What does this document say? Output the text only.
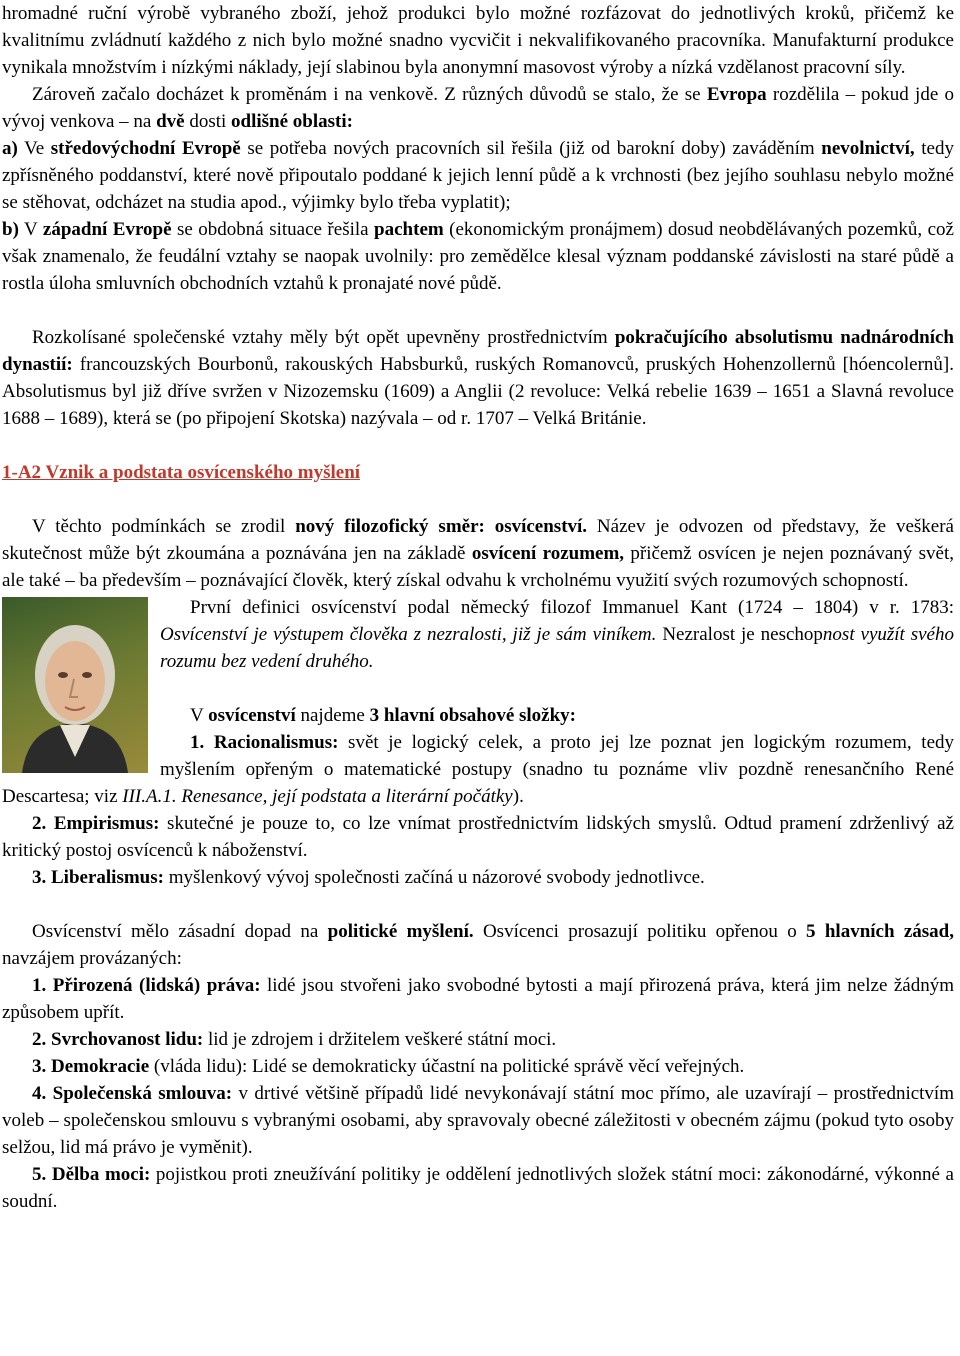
hromadné ruční výrobě vybraného zboží, jehož produkci bylo možné rozfázovat do jednotlivých kroků, přičemž ke kvalitnímu zvládnutí každého z nich bylo možné snadno vycvičit i nekvalifikovaného pracovníka. Manufakturní produkce vynikala množstvím i nízkými náklady, její slabinou byla anonymní masovost výroby a nízká vzdělanost pracovní síly.

Zároveň začalo docházet k proměnám i na venkově. Z různých důvodů se stalo, že se Evropa rozdělila – pokud jde o vývoj venkova – na dvě dosti odlišné oblasti:

a) Ve středovýchodní Evropě se potřeba nových pracovních sil řešila (již od barokní doby) zaváděním nevolnictví, tedy zpřísněného poddanství, které nově připoutalo poddané k jejich lenní půdě a k vrchnosti (bez jejího souhlasu nebylo možné se stěhovat, odcházet na studia apod., výjimky bylo třeba vyplatit);

b) V západní Evropě se obdobná situace řešila pachtem (ekonomickým pronájmem) dosud neobdělávaných pozemků, což však znamenalo, že feudální vztahy se naopak uvolnily: pro zemědělce klesal význam poddanské závislosti na staré půdě a rostla úloha smluvních obchodních vztahů k pronajaté nové půdě.

Rozkolísané společenské vztahy měly být opět upevněny prostřednictvím pokračujícího absolutismu nadnárodních dynastií: francouzských Bourbonů, rakouských Habsburků, ruských Romanovců, pruských Hohenzollernů [hóencolernů]. Absolutismus byl již dříve svržen v Nizozemsku (1609) a Anglii (2 revoluce: Velká rebelie 1639 – 1651 a Slavná revoluce 1688 – 1689), která se (po připojení Skotska) nazývala – od r. 1707 – Velká Británie.

1-A2 Vznik a podstata osvícenského myšlení

V těchto podmínkách se zrodil nový filozofický směr: osvícenství. Název je odvozen od představy, že veškerá skutečnost může být zkoumána a poznávána jen na základě osvícení rozumem, přičemž osvícen je nejen poznávaný svět, ale také – ba především – poznávající člověk, který získal odvahu k vrcholnému využití svých rozumových schopností.

První definici osvícenství podal německý filozof Immanuel Kant (1724 – 1804) v r. 1783: Osvícenství je výstupem člověka z nezralosti, již je sám viníkem. Nezralost je neschopnost využít svého rozumu bez vedení druhého.

V osvícenství najdeme 3 hlavní obsahové složky:

1. Racionalismus: svět je logický celek, a proto jej lze poznat jen logickým rozumem, tedy myšlením opřeným o matematické postupy (snadno tu poznáme vliv pozdně renesančního René Descartesa; viz III.A.1. Renesance, její podstata a literární počátky).

2. Empirismus: skutečné je pouze to, co lze vnímat prostřednictvím lidských smyslů. Odtud pramení zdrženlivý až kritický postoj osvícenců k náboženství.

3. Liberalismus: myšlenkový vývoj společnosti začíná u názorové svobody jednotlivce.

Osvícenství mělo zásadní dopad na politické myšlení. Osvícenci prosazují politiku opřenou o 5 hlavních zásad, navzájem provázaných:

1. Přirozená (lidská) práva: lidé jsou stvořeni jako svobodné bytosti a mají přirozená práva, která jim nelze žádným způsobem upřít.

2. Svrchovanost lidu: lid je zdrojem i držitelem veškeré státní moci.

3. Demokracie (vláda lidu): Lidé se demokraticky účastní na politické správě věcí veřejných.

4. Společenská smlouva: v drtivé většině případů lidé nevykonávají státní moc přímo, ale uzavírají – prostřednictvím voleb – společenskou smlouvu s vybranými osobami, aby spravovaly obecné záležitosti v obecném zájmu (pokud tyto osoby selžou, lid má právo je vyměnit).

5. Dělba moci: pojistkou proti zneužívání politiky je oddělení jednotlivých složek státní moci: zákonodárné, výkonné a soudní.
